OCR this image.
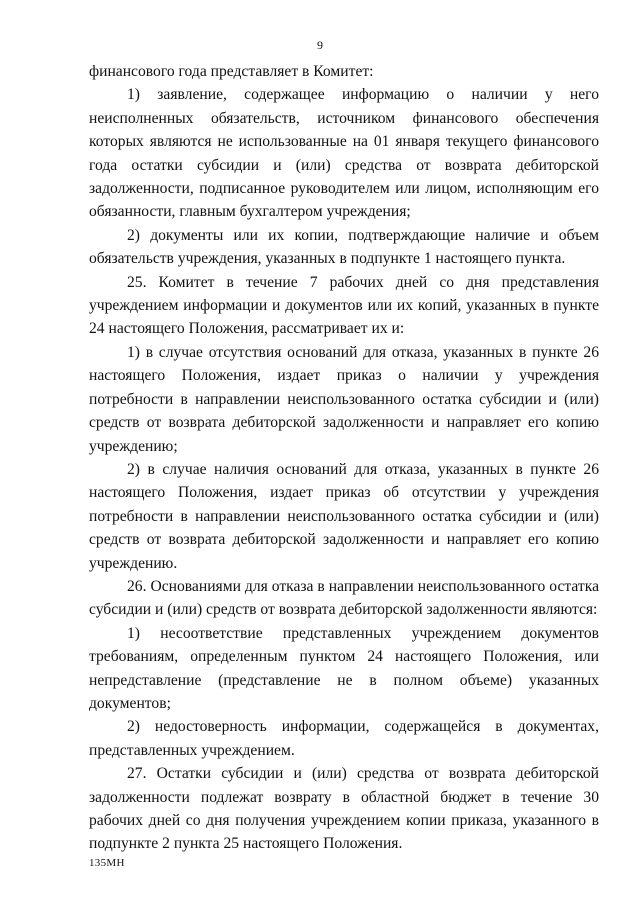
9

финансового года представляет в Комитет:

1) заявление, содержащее информацию о наличии у него неисполненных обязательств, источником финансового обеспечения которых являются не использованные на 01 января текущего финансового года остатки субсидии и (или) средства от возврата дебиторской задолженности, подписанное руководителем или лицом, исполняющим его обязанности, главным бухгалтером учреждения;

2) документы или их копии, подтверждающие наличие и объем обязательств учреждения, указанных в подпункте 1 настоящего пункта.

25. Комитет в течение 7 рабочих дней со дня представления учреждением информации и документов или их копий, указанных в пункте 24 настоящего Положения, рассматривает их и:

1) в случае отсутствия оснований для отказа, указанных в пункте 26 настоящего Положения, издает приказ о наличии у учреждения потребности в направлении неиспользованного остатка субсидии и (или) средств от возврата дебиторской задолженности и направляет его копию учреждению;

2) в случае наличия оснований для отказа, указанных в пункте 26 настоящего Положения, издает приказ об отсутствии у учреждения потребности в направлении неиспользованного остатка субсидии и (или) средств от возврата дебиторской задолженности и направляет его копию учреждению.

26. Основаниями для отказа в направлении неиспользованного остатка субсидии и (или) средств от возврата дебиторской задолженности являются:

1) несоответствие представленных учреждением документов требованиям, определенным пунктом 24 настоящего Положения, или непредставление (представление не в полном объеме) указанных документов;

2) недостоверность информации, содержащейся в документах, представленных учреждением.

27. Остатки субсидии и (или) средства от возврата дебиторской задолженности подлежат возврату в областной бюджет в течение 30 рабочих дней со дня получения учреждением копии приказа, указанного в подпункте 2 пункта 25 настоящего Положения.

135МН
